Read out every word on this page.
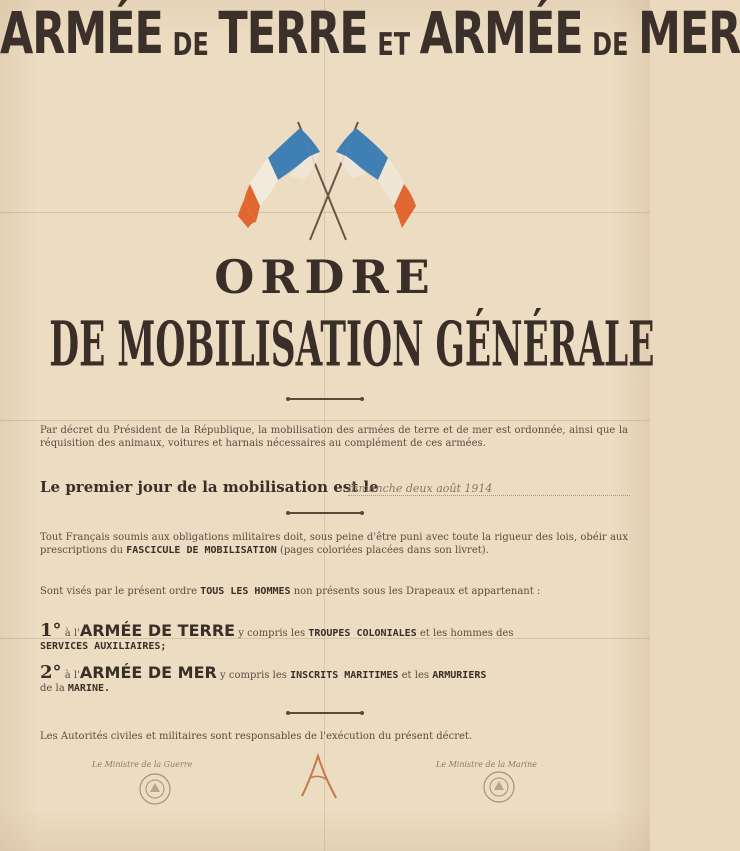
ARMÉE DE TERRE ET ARMÉE DE MER
ORDRE
DE MOBILISATION GÉNÉRALE
Par décret du Président de la République, la mobilisation des armées de terre et de mer est ordonnée, ainsi que la réquisition des animaux, voitures et harnais nécessaires au complément de ces armées.
Le premier jour de la mobilisation est le
dimanche deux août 1914
Tout Français soumis aux obligations militaires doit, sous peine d'être puni avec toute la rigueur des lois, obéir aux prescriptions du FASCICULE DE MOBILISATION (pages coloriées placées dans son livret).
Sont visés par le présent ordre TOUS LES HOMMES non présents sous les Drapeaux et appartenant :
1° à l'ARMÉE DE TERRE y compris les TROUPES COLONIALES et les hommes des
SERVICES AUXILIAIRES;
2° à l'ARMÉE DE MER y compris les INSCRITS MARITIMES et les ARMURIERS
de la MARINE.
Les Autorités civiles et militaires sont responsables de l'exécution du présent décret.
Le Ministre de la Guerre	Le Ministre de la Marine
